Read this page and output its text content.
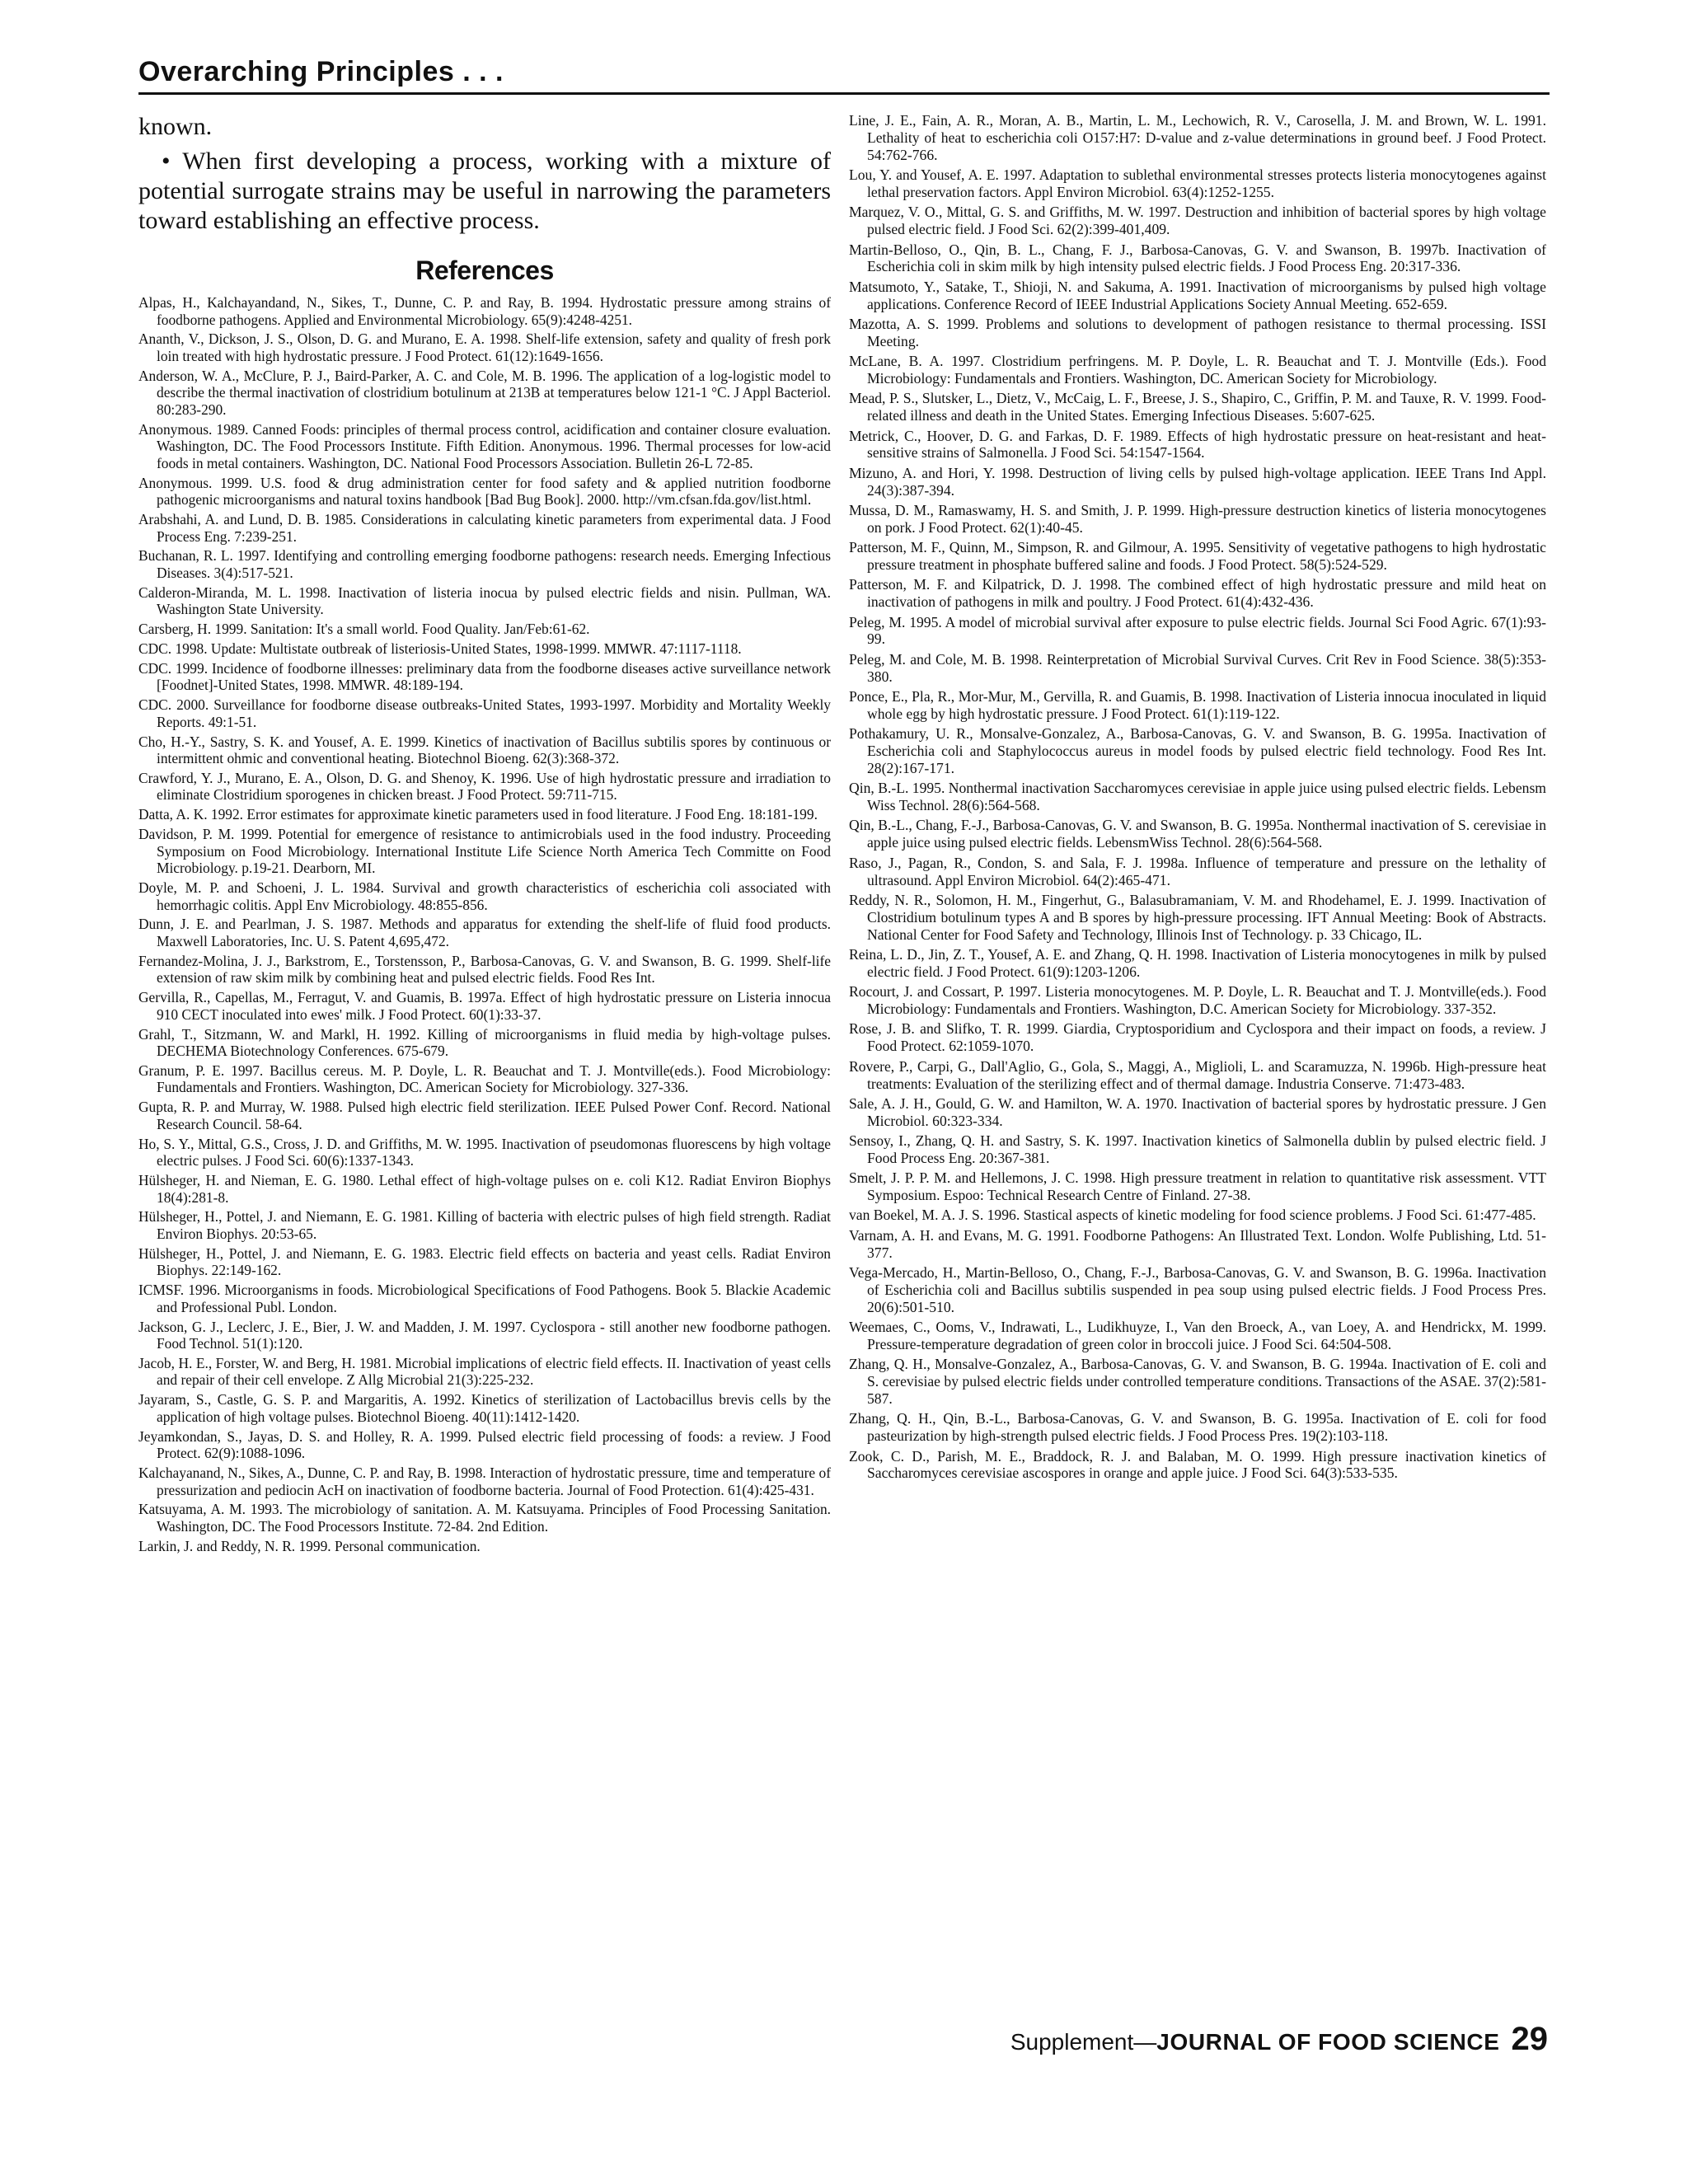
Overarching Principles . . .

known.

• When first developing a process, working with a mixture of potential surrogate strains may be useful in narrowing the parameters toward establishing an effective process.

References
Alpas, H., Kalchayandand, N., Sikes, T., Dunne, C. P. and Ray, B. 1994. Hydrostatic pressure among strains of foodborne pathogens. Applied and Environmental Microbiology. 65(9):4248-4251.
Ananth, V., Dickson, J. S., Olson, D. G. and Murano, E. A. 1998. Shelf-life extension, safety and quality of fresh pork loin treated with high hydrostatic pressure. J Food Protect. 61(12):1649-1656.
Anderson, W. A., McClure, P. J., Baird-Parker, A. C. and Cole, M. B. 1996. The application of a log-logistic model to describe the thermal inactivation of clostridium botulinum at 213B at temperatures below 121-1 °C. J Appl Bacteriol. 80:283-290.
Anonymous. 1989. Canned Foods: principles of thermal process control, acidification and container closure evaluation. Washington, DC. The Food Processors Institute. Fifth Edition. Anonymous. 1996. Thermal processes for low-acid foods in metal containers. Washington, DC. National Food Processors Association. Bulletin 26-L 72-85.
Anonymous. 1999. U.S. food & drug administration center for food safety and & applied nutrition foodborne pathogenic microorganisms and natural toxins handbook [Bad Bug Book]. 2000. http://vm.cfsan.fda.gov/list.html.
Arabshahi, A. and Lund, D. B. 1985. Considerations in calculating kinetic parameters from experimental data. J Food Process Eng. 7:239-251.
Buchanan, R. L. 1997. Identifying and controlling emerging foodborne pathogens: research needs. Emerging Infectious Diseases. 3(4):517-521.
Calderon-Miranda, M. L. 1998. Inactivation of listeria inocua by pulsed electric fields and nisin. Pullman, WA. Washington State University.
Carsberg, H. 1999. Sanitation: It's a small world. Food Quality. Jan/Feb:61-62.
CDC. 1998. Update: Multistate outbreak of listeriosis-United States, 1998-1999. MMWR. 47:1117-1118.
CDC. 1999. Incidence of foodborne illnesses: preliminary data from the foodborne diseases active surveillance network [Foodnet]-United States, 1998. MMWR. 48:189-194.
CDC. 2000. Surveillance for foodborne disease outbreaks-United States, 1993-1997. Morbidity and Mortality Weekly Reports. 49:1-51.
Cho, H.-Y., Sastry, S. K. and Yousef, A. E. 1999. Kinetics of inactivation of Bacillus subtilis spores by continuous or intermittent ohmic and conventional heating. Biotechnol Bioeng. 62(3):368-372.
Crawford, Y. J., Murano, E. A., Olson, D. G. and Shenoy, K. 1996. Use of high hydrostatic pressure and irradiation to eliminate Clostridium sporogenes in chicken breast. J Food Protect. 59:711-715.
Datta, A. K. 1992. Error estimates for approximate kinetic parameters used in food literature. J Food Eng. 18:181-199.
Davidson, P. M. 1999. Potential for emergence of resistance to antimicrobials used in the food industry. Proceeding Symposium on Food Microbiology. International Institute Life Science North America Tech Committe on Food Microbiology. p.19-21. Dearborn, MI.
Doyle, M. P. and Schoeni, J. L. 1984. Survival and growth characteristics of escherichia coli associated with hemorrhagic colitis. Appl Env Microbiology. 48:855-856.
Dunn, J. E. and Pearlman, J. S. 1987. Methods and apparatus for extending the shelf-life of fluid food products. Maxwell Laboratories, Inc. U. S. Patent 4,695,472.
Fernandez-Molina, J. J., Barkstrom, E., Torstensson, P., Barbosa-Canovas, G. V. and Swanson, B. G. 1999. Shelf-life extension of raw skim milk by combining heat and pulsed electric fields. Food Res Int.
Gervilla, R., Capellas, M., Ferragut, V. and Guamis, B. 1997a. Effect of high hydrostatic pressure on Listeria innocua 910 CECT inoculated into ewes' milk. J Food Protect. 60(1):33-37.
Grahl, T., Sitzmann, W. and Markl, H. 1992. Killing of microorganisms in fluid media by high-voltage pulses. DECHEMA Biotechnology Conferences. 675-679.
Granum, P. E. 1997. Bacillus cereus. M. P. Doyle, L. R. Beauchat and T. J. Montville(eds.). Food Microbiology: Fundamentals and Frontiers. Washington, DC. American Society for Microbiology. 327-336.
Gupta, R. P. and Murray, W. 1988. Pulsed high electric field sterilization. IEEE Pulsed Power Conf. Record. National Research Council. 58-64.
Ho, S. Y., Mittal, G.S., Cross, J. D. and Griffiths, M. W. 1995. Inactivation of pseudomonas fluorescens by high voltage electric pulses. J Food Sci. 60(6):1337-1343.
Hülsheger, H. and Nieman, E. G. 1980. Lethal effect of high-voltage pulses on e. coli K12. Radiat Environ Biophys 18(4):281-8.
Hülsheger, H., Pottel, J. and Niemann, E. G. 1981. Killing of bacteria with electric pulses of high field strength. Radiat Environ Biophys. 20:53-65.
Hülsheger, H., Pottel, J. and Niemann, E. G. 1983. Electric field effects on bacteria and yeast cells. Radiat Environ Biophys. 22:149-162.
ICMSF. 1996. Microorganisms in foods. Microbiological Specifications of Food Pathogens. Book 5. Blackie Academic and Professional Publ. London.
Jackson, G. J., Leclerc, J. E., Bier, J. W. and Madden, J. M. 1997. Cyclospora - still another new foodborne pathogen. Food Technol. 51(1):120.
Jacob, H. E., Forster, W. and Berg, H. 1981. Microbial implications of electric field effects. II. Inactivation of yeast cells and repair of their cell envelope. Z Allg Microbial 21(3):225-232.
Jayaram, S., Castle, G. S. P. and Margaritis, A. 1992. Kinetics of sterilization of Lactobacillus brevis cells by the application of high voltage pulses. Biotechnol Bioeng. 40(11):1412-1420.
Jeyamkondan, S., Jayas, D. S. and Holley, R. A. 1999. Pulsed electric field processing of foods: a review. J Food Protect. 62(9):1088-1096.
Kalchayanand, N., Sikes, A., Dunne, C. P. and Ray, B. 1998. Interaction of hydrostatic pressure, time and temperature of pressurization and pediocin AcH on inactivation of foodborne bacteria. Journal of Food Protection. 61(4):425-431.
Katsuyama, A. M. 1993. The microbiology of sanitation. A. M. Katsuyama. Principles of Food Processing Sanitation. Washington, DC. The Food Processors Institute. 72-84. 2nd Edition.
Larkin, J. and Reddy, N. R. 1999. Personal communication.
Line, J. E., Fain, A. R., Moran, A. B., Martin, L. M., Lechowich, R. V., Carosella, J. M. and Brown, W. L. 1991. Lethality of heat to escherichia coli O157:H7: D-value and z-value determinations in ground beef. J Food Protect. 54:762-766.
Lou, Y. and Yousef, A. E. 1997. Adaptation to sublethal environmental stresses protects listeria monocytogenes against lethal preservation factors. Appl Environ Microbiol. 63(4):1252-1255.
Marquez, V. O., Mittal, G. S. and Griffiths, M. W. 1997. Destruction and inhibition of bacterial spores by high voltage pulsed electric field. J Food Sci. 62(2):399-401,409.
Martin-Belloso, O., Qin, B. L., Chang, F. J., Barbosa-Canovas, G. V. and Swanson, B. 1997b. Inactivation of Escherichia coli in skim milk by high intensity pulsed electric fields. J Food Process Eng. 20:317-336.
Matsumoto, Y., Satake, T., Shioji, N. and Sakuma, A. 1991. Inactivation of microorganisms by pulsed high voltage applications. Conference Record of IEEE Industrial Applications Society Annual Meeting. 652-659.
Mazotta, A. S. 1999. Problems and solutions to development of pathogen resistance to thermal processing. ISSI Meeting.
McLane, B. A. 1997. Clostridium perfringens. M. P. Doyle, L. R. Beauchat and T. J. Montville (Eds.). Food Microbiology: Fundamentals and Frontiers. Washington, DC. American Society for Microbiology.
Mead, P. S., Slutsker, L., Dietz, V., McCaig, L. F., Breese, J. S., Shapiro, C., Griffin, P. M. and Tauxe, R. V. 1999. Food-related illness and death in the United States. Emerging Infectious Diseases. 5:607-625.
Metrick, C., Hoover, D. G. and Farkas, D. F. 1989. Effects of high hydrostatic pressure on heat-resistant and heat-sensitive strains of Salmonella. J Food Sci. 54:1547-1564.
Mizuno, A. and Hori, Y. 1998. Destruction of living cells by pulsed high-voltage application. IEEE Trans Ind Appl. 24(3):387-394.
Mussa, D. M., Ramaswamy, H. S. and Smith, J. P. 1999. High-pressure destruction kinetics of listeria monocytogenes on pork. J Food Protect. 62(1):40-45.
Patterson, M. F., Quinn, M., Simpson, R. and Gilmour, A. 1995. Sensitivity of vegetative pathogens to high hydrostatic pressure treatment in phosphate buffered saline and foods. J Food Protect. 58(5):524-529.
Patterson, M. F. and Kilpatrick, D. J. 1998. The combined effect of high hydrostatic pressure and mild heat on inactivation of pathogens in milk and poultry. J Food Protect. 61(4):432-436.
Peleg, M. 1995. A model of microbial survival after exposure to pulse electric fields. Journal Sci Food Agric. 67(1):93-99.
Peleg, M. and Cole, M. B. 1998. Reinterpretation of Microbial Survival Curves. Crit Rev in Food Science. 38(5):353-380.
Ponce, E., Pla, R., Mor-Mur, M., Gervilla, R. and Guamis, B. 1998. Inactivation of Listeria innocua inoculated in liquid whole egg by high hydrostatic pressure. J Food Protect. 61(1):119-122.
Pothakamury, U. R., Monsalve-Gonzalez, A., Barbosa-Canovas, G. V. and Swanson, B. G. 1995a. Inactivation of Escherichia coli and Staphylococcus aureus in model foods by pulsed electric field technology. Food Res Int. 28(2):167-171.
Qin, B.-L. 1995. Nonthermal inactivation Saccharomyces cerevisiae in apple juice using pulsed electric fields. Lebensm Wiss Technol. 28(6):564-568.
Qin, B.-L., Chang, F.-J., Barbosa-Canovas, G. V. and Swanson, B. G. 1995a. Nonthermal inactivation of S. cerevisiae in apple juice using pulsed electric fields. LebensmWiss Technol. 28(6):564-568.
Raso, J., Pagan, R., Condon, S. and Sala, F. J. 1998a. Influence of temperature and pressure on the lethality of ultrasound. Appl Environ Microbiol. 64(2):465-471.
Reddy, N. R., Solomon, H. M., Fingerhut, G., Balasubramaniam, V. M. and Rhodehamel, E. J. 1999. Inactivation of Clostridium botulinum types A and B spores by high-pressure processing. IFT Annual Meeting: Book of Abstracts. National Center for Food Safety and Technology, Illinois Inst of Technology. p. 33 Chicago, IL.
Reina, L. D., Jin, Z. T., Yousef, A. E. and Zhang, Q. H. 1998. Inactivation of Listeria monocytogenes in milk by pulsed electric field. J Food Protect. 61(9):1203-1206.
Rocourt, J. and Cossart, P. 1997. Listeria monocytogenes. M. P. Doyle, L. R. Beauchat and T. J. Montville(eds.). Food Microbiology: Fundamentals and Frontiers. Washington, D.C. American Society for Microbiology. 337-352.
Rose, J. B. and Slifko, T. R. 1999. Giardia, Cryptosporidium and Cyclospora and their impact on foods, a review. J Food Protect. 62:1059-1070.
Rovere, P., Carpi, G., Dall'Aglio, G., Gola, S., Maggi, A., Miglioli, L. and Scaramuzza, N. 1996b. High-pressure heat treatments: Evaluation of the sterilizing effect and of thermal damage. Industria Conserve. 71:473-483.
Sale, A. J. H., Gould, G. W. and Hamilton, W. A. 1970. Inactivation of bacterial spores by hydrostatic pressure. J Gen Microbiol. 60:323-334.
Sensoy, I., Zhang, Q. H. and Sastry, S. K. 1997. Inactivation kinetics of Salmonella dublin by pulsed electric field. J Food Process Eng. 20:367-381.
Smelt, J. P. P. M. and Hellemons, J. C. 1998. High pressure treatment in relation to quantitative risk assessment. VTT Symposium. Espoo: Technical Research Centre of Finland. 27-38.
van Boekel, M. A. J. S. 1996. Stastical aspects of kinetic modeling for food science problems. J Food Sci. 61:477-485.
Varnam, A. H. and Evans, M. G. 1991. Foodborne Pathogens: An Illustrated Text. London. Wolfe Publishing, Ltd. 51-377.
Vega-Mercado, H., Martin-Belloso, O., Chang, F.-J., Barbosa-Canovas, G. V. and Swanson, B. G. 1996a. Inactivation of Escherichia coli and Bacillus subtilis suspended in pea soup using pulsed electric fields. J Food Process Pres. 20(6):501-510.
Weemaes, C., Ooms, V., Indrawati, L., Ludikhuyze, I., Van den Broeck, A., van Loey, A. and Hendrickx, M. 1999. Pressure-temperature degradation of green color in broccoli juice. J Food Sci. 64:504-508.
Zhang, Q. H., Monsalve-Gonzalez, A., Barbosa-Canovas, G. V. and Swanson, B. G. 1994a. Inactivation of E. coli and S. cerevisiae by pulsed electric fields under controlled temperature conditions. Transactions of the ASAE. 37(2):581-587.
Zhang, Q. H., Qin, B.-L., Barbosa-Canovas, G. V. and Swanson, B. G. 1995a. Inactivation of E. coli for food pasteurization by high-strength pulsed electric fields. J Food Process Pres. 19(2):103-118.
Zook, C. D., Parish, M. E., Braddock, R. J. and Balaban, M. O. 1999. High pressure inactivation kinetics of Saccharomyces cerevisiae ascospores in orange and apple juice. J Food Sci. 64(3):533-535.
Supplement—JOURNAL OF FOOD SCIENCE 29
